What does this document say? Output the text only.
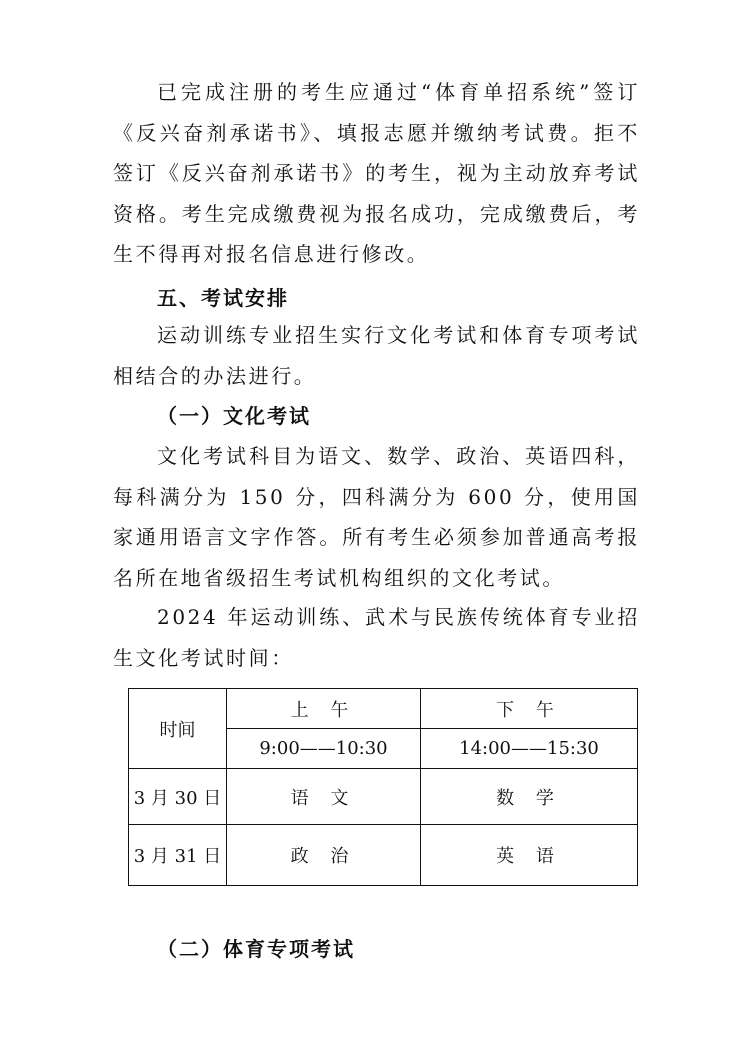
已完成注册的考生应通过“体育单招系统”签订《反兴奋剂承诺书》、填报志愿并缴纳考试费。拒不签订《反兴奋剂承诺书》的考生，视为主动放弃考试资格。考生完成缴费视为报名成功，完成缴费后，考生不得再对报名信息进行修改。

五、考试安排

运动训练专业招生实行文化考试和体育专项考试相结合的办法进行。

（一）文化考试

文化考试科目为语文、数学、政治、英语四科，每科满分为 150 分，四科满分为 600 分，使用国家通用语言文字作答。所有考生必须参加普通高考报名所在地省级招生考试机构组织的文化考试。

2024 年运动训练、武术与民族传统体育专业招生文化考试时间：

时间	上 午	下 午
	9:00——10:30	14:00——15:30
3 月 30 日	语 文	数 学
3 月 31 日	政 治	英 语
（二）体育专项考试
